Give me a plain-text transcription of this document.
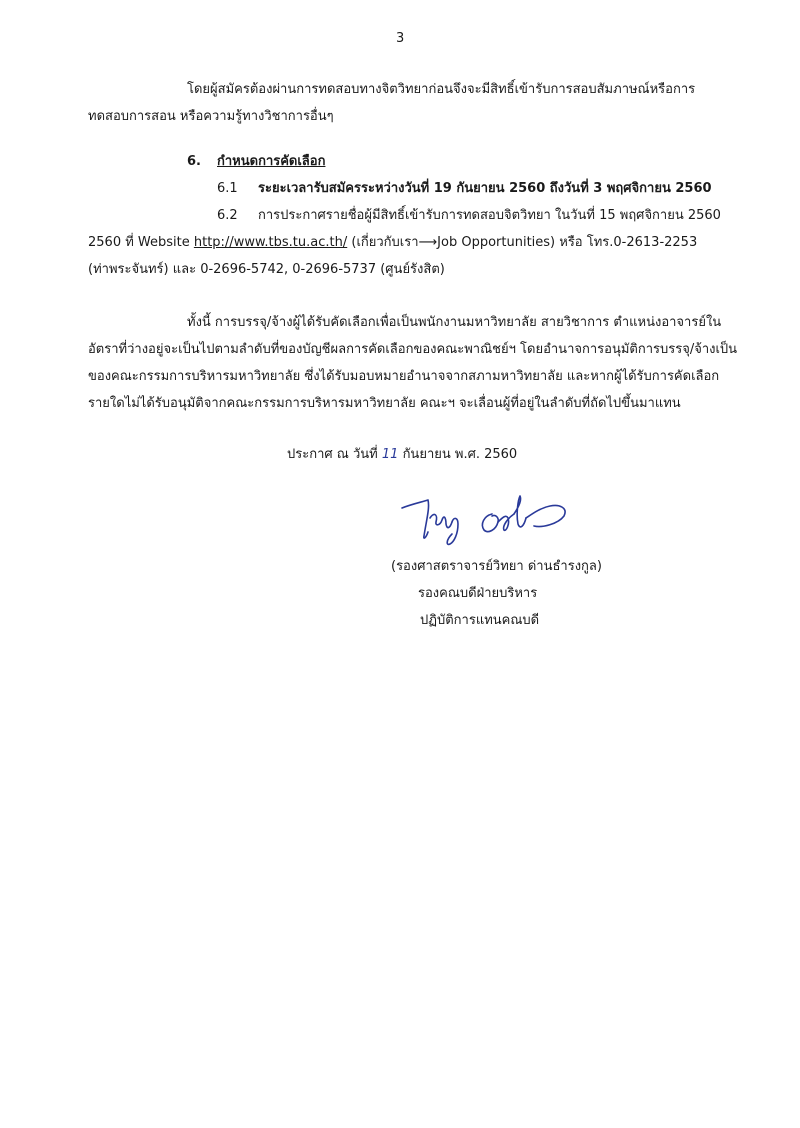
3
โดยผู้สมัครต้องผ่านการทดสอบทางจิตวิทยาก่อนจึงจะมีสิทธิ์เข้ารับการสอบสัมภาษณ์หรือการ
ทดสอบการสอน หรือความรู้ทางวิชาการอื่นๆ
6. กำหนดการคัดเลือก
6.1 ระยะเวลารับสมัครระหว่างวันที่ 19 กันยายน 2560 ถึงวันที่ 3 พฤศจิกายน 2560
6.2 การประกาศรายชื่อผู้มีสิทธิ์เข้ารับการทดสอบจิตวิทยา ในวันที่ 15 พฤศจิกายน 2560
2560 ที่ Website http://www.tbs.tu.ac.th/ (เกี่ยวกับเรา⟶Job Opportunities) หรือ โทร.0-2613-2253
(ท่าพระจันทร์) และ 0-2696-5742, 0-2696-5737 (ศูนย์รังสิต)
ทั้งนี้ การบรรจุ/จ้างผู้ได้รับคัดเลือกเพื่อเป็นพนักงานมหาวิทยาลัย สายวิชาการ ตำแหน่งอาจารย์ใน
อัตราที่ว่างอยู่จะเป็นไปตามลำดับที่ของบัญชีผลการคัดเลือกของคณะพาณิชย์ฯ โดยอำนาจการอนุมัติการบรรจุ/จ้างเป็น
ของคณะกรรมการบริหารมหาวิทยาลัย ซึ่งได้รับมอบหมายอำนาจจากสภามหาวิทยาลัย และหากผู้ได้รับการคัดเลือก
รายใดไม่ได้รับอนุมัติจากคณะกรรมการบริหารมหาวิทยาลัย คณะฯ จะเลื่อนผู้ที่อยู่ในลำดับที่ถัดไปขึ้นมาแทน
ประกาศ ณ วันที่ 11 กันยายน พ.ศ. 2560
(รองศาสตราจารย์วิทยา ด่านธำรงกูล)
รองคณบดีฝ่ายบริหาร
ปฏิบัติการแทนคณบดี
